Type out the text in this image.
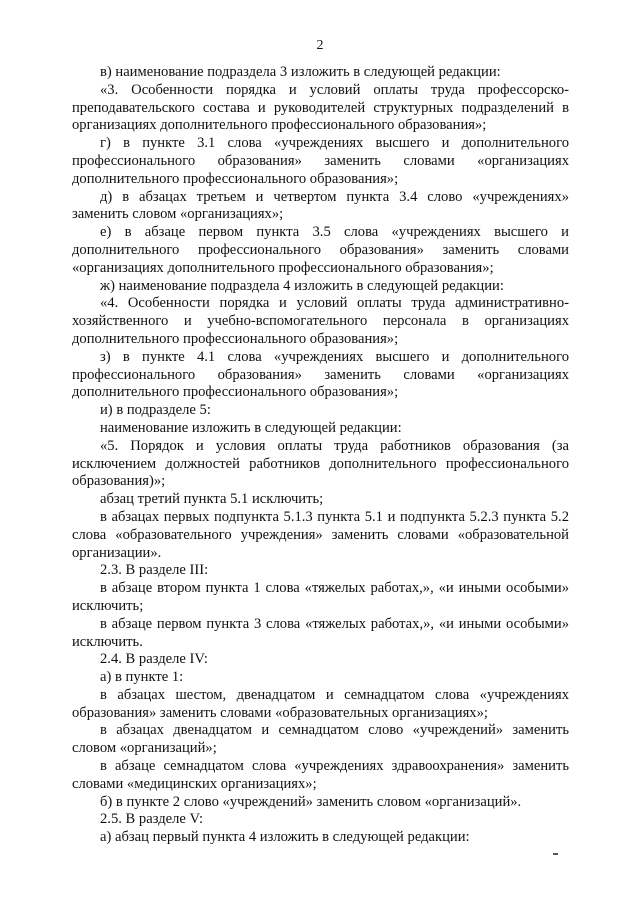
2

в) наименование подраздела 3 изложить в следующей редакции:

«3. Особенности порядка и условий оплаты труда профессорско-преподавательского состава и руководителей структурных подразделений в организациях дополнительного профессионального образования»;

г) в пункте 3.1 слова «учреждениях высшего и дополнительного профессионального образования» заменить словами «организациях дополнительного профессионального образования»;

д) в абзацах третьем и четвертом пункта 3.4 слово «учреждениях» заменить словом «организациях»;

е) в абзаце первом пункта 3.5 слова «учреждениях высшего и дополнительного профессионального образования» заменить словами «организациях дополнительного профессионального образования»;

ж) наименование подраздела 4 изложить в следующей редакции:

«4. Особенности порядка и условий оплаты труда административно-хозяйственного и учебно-вспомогательного персонала в организациях дополнительного профессионального образования»;

з) в пункте 4.1 слова «учреждениях высшего и дополнительного профессионального образования» заменить словами «организациях дополнительного профессионального образования»;

и) в подразделе 5:

наименование изложить в следующей редакции:

«5. Порядок и условия оплаты труда работников образования (за исключением должностей работников дополнительного профессионального образования)»;

абзац третий пункта 5.1 исключить;

в абзацах первых подпункта 5.1.3 пункта 5.1 и подпункта 5.2.3 пункта 5.2 слова «образовательного учреждения» заменить словами «образовательной организации».

2.3. В разделе III:

в абзаце втором пункта 1 слова «тяжелых работах,», «и иными особыми» исключить;

в абзаце первом пункта 3 слова «тяжелых работах,», «и иными особыми» исключить.

2.4. В разделе IV:

а) в пункте 1:

в абзацах шестом, двенадцатом и семнадцатом слова «учреждениях образования» заменить словами «образовательных организациях»;

в абзацах двенадцатом и семнадцатом слово «учреждений» заменить словом «организаций»;

в абзаце семнадцатом слова «учреждениях здравоохранения» заменить словами «медицинских организациях»;

б) в пункте 2 слово «учреждений» заменить словом «организаций».

2.5. В разделе V:

а) абзац первый пункта 4 изложить в следующей редакции:
